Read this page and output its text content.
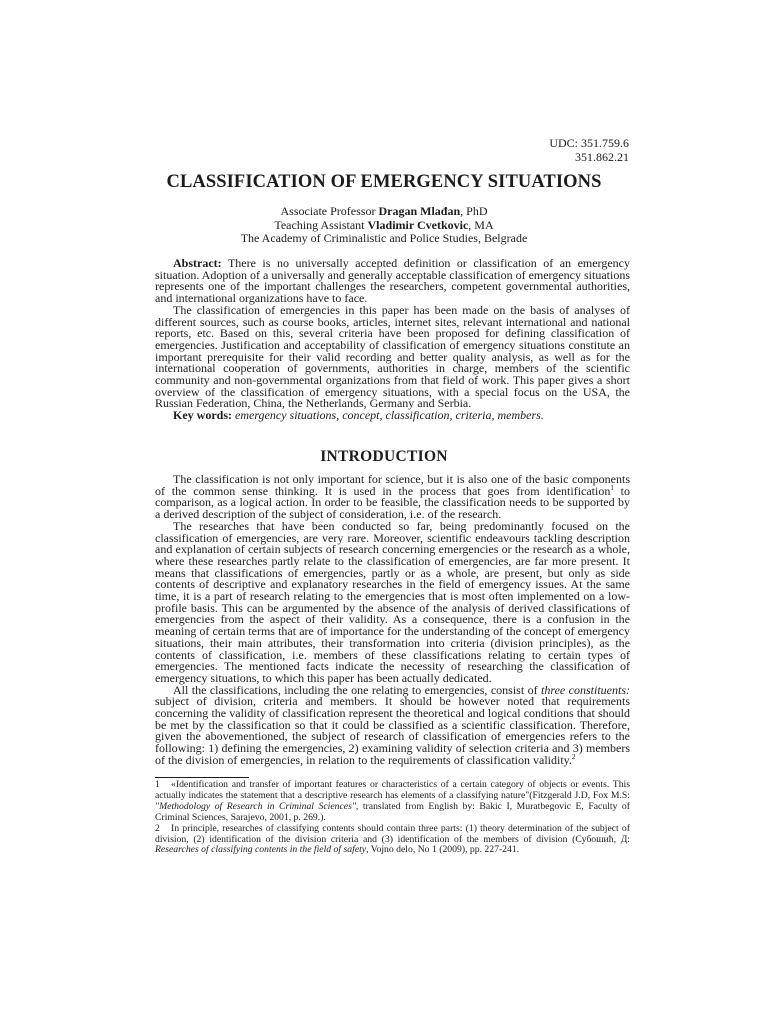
UDC: 351.759.6
351.862.21
CLASSIFICATION OF EMERGENCY SITUATIONS
Associate Professor Dragan Mlađan, PhD
Teaching Assistant Vladimir Cvetkovic, MA
The Academy of Criminalistic and Police Studies, Belgrade

Abstract: There is no universally accepted definition or classification of an emergency situation. Adoption of a universally and generally acceptable classification of emergency situations represents one of the important challenges the researchers, competent governmental authorities, and international organizations have to face.

The classification of emergencies in this paper has been made on the basis of analyses of different sources, such as course books, articles, internet sites, relevant international and national reports, etc. Based on this, several criteria have been proposed for defining classification of emergencies. Justification and acceptability of classification of emergency situations constitute an important prerequisite for their valid recording and better quality analysis, as well as for the international cooperation of governments, authorities in charge, members of the scientific community and non-governmental organizations from that field of work. This paper gives a short overview of the classification of emergency situations, with a special focus on the USA, the Russian Federation, China, the Netherlands, Germany and Serbia.

Key words: emergency situations, concept, classification, criteria, members.

INTRODUCTION

The classification is not only important for science, but it is also one of the basic components of the common sense thinking. It is used in the process that goes from identification$^1$ to comparison, as a logical action. In order to be feasible, the classification needs to be supported by a derived description of the subject of consideration, i.e. of the research.

The researches that have been conducted so far, being predominantly focused on the classification of emergencies, are very rare. Moreover, scientific endeavours tackling description and explanation of certain subjects of research concerning emergencies or the research as a whole, where these researches partly relate to the classification of emergencies, are far more present. It means that classifications of emergencies, partly or as a whole, are present, but only as side contents of descriptive and explanatory researches in the field of emergency issues. At the same time, it is a part of research relating to the emergencies that is most often implemented on a low-profile basis. This can be argumented by the absence of the analysis of derived classifications of emergencies from the aspect of their validity. As a consequence, there is a confusion in the meaning of certain terms that are of importance for the understanding of the concept of emergency situations, their main attributes, their transformation into criteria (division principles), as the contents of classification, i.e. members of these classifications relating to certain types of emergencies. The mentioned facts indicate the necessity of researching the classification of emergency situations, to which this paper has been actually dedicated.

All the classifications, including the one relating to emergencies, consist of three constituents: subject of division, criteria and members. It should be however noted that requirements concerning the validity of classification represent the theoretical and logical conditions that should be met by the classification so that it could be classified as a scientific classification. Therefore, given the abovementioned, the subject of research of classification of emergencies refers to the following: 1) defining the emergencies, 2) examining validity of selection criteria and 3) members of the division of emergencies, in relation to the requirements of classification validity.$^2$

1 «Identification and transfer of important features or characteristics of a certain category of objects or events. This actually indicates the statement that a descriptive research has elements of a classifying nature"(Fitzgerald J.D, Fox M.S: "Methodology of Research in Criminal Sciences", translated from English by: Bakic I, Muratbegovic E, Faculty of Criminal Sciences, Sarajevo, 2001, p. 269.).

2 In principle, researches of classifying contents should contain three parts: (1) theory determination of the subject of division, (2) identification of the division criteria and (3) identification of the members of division (Субошић, Д: Researches of classifying contents in the field of safety, Vojno delo, No 1 (2009), pp. 227-241.
